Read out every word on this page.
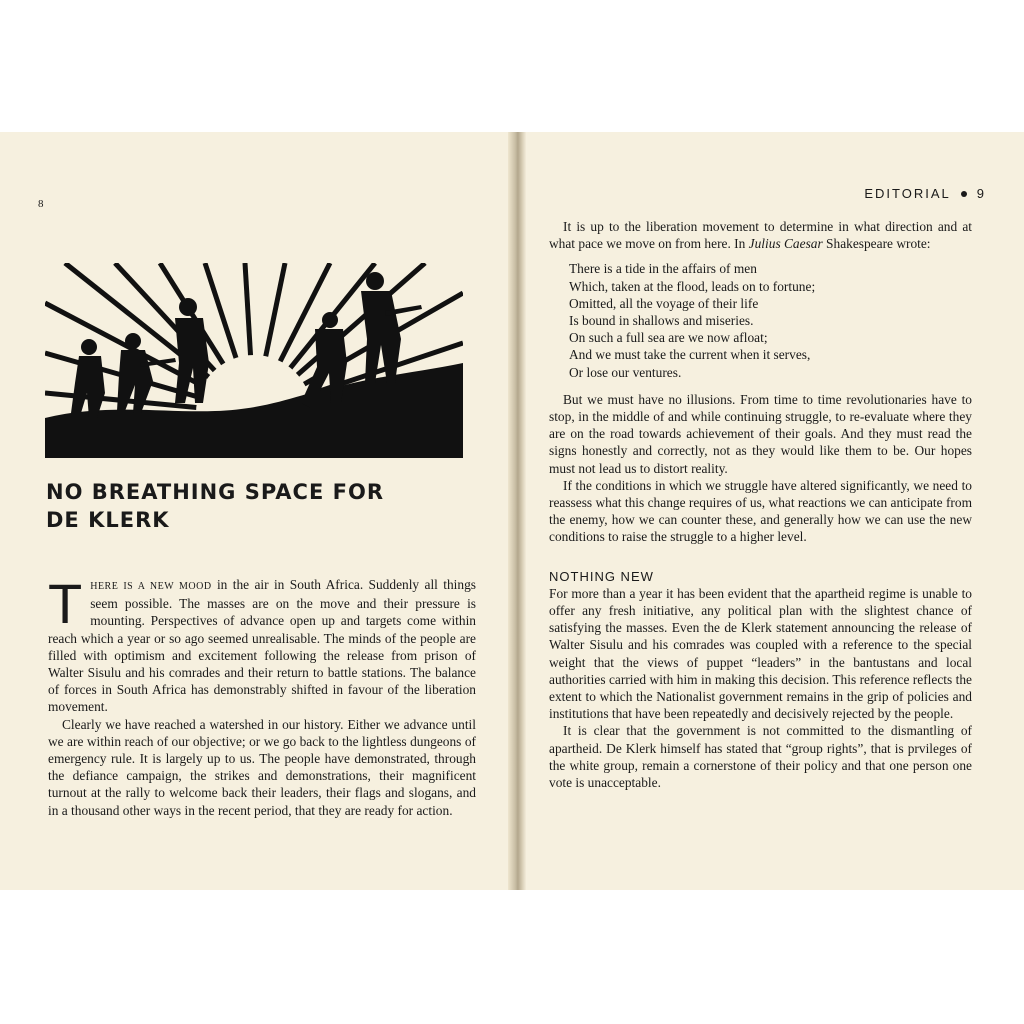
8
EDITORIAL 9
NO BREATHING SPACE FOR
DE KLERK

THERE IS A NEW MOOD in the air in South Africa. Suddenly all things seem possible. The masses are on the move and their pressure is mounting. Perspectives of advance open up and targets come within reach which a year or so ago seemed unrealisable. The minds of the people are filled with optimism and excitement following the release from prison of Walter Sisulu and his comrades and their return to battle stations. The balance of forces in South Africa has demonstrably shifted in favour of the liberation movement.

Clearly we have reached a watershed in our history. Either we advance until we are within reach of our objective; or we go back to the lightless dungeons of emergency rule. It is largely up to us. The people have demonstrated, through the defiance campaign, the strikes and demonstrations, their magnificent turnout at the rally to welcome back their leaders, their flags and slogans, and in a thousand other ways in the recent period, that they are ready for action.

It is up to the liberation movement to determine in what direction and at what pace we move on from here. In Julius Caesar Shakespeare wrote:

There is a tide in the affairs of men
Which, taken at the flood, leads on to fortune;
Omitted, all the voyage of their life
Is bound in shallows and miseries.
On such a full sea are we now afloat;
And we must take the current when it serves,
Or lose our ventures.

But we must have no illusions. From time to time revolutionaries have to stop, in the middle of and while continuing struggle, to re-evaluate where they are on the road towards achievement of their goals. And they must read the signs honestly and correctly, not as they would like them to be. Our hopes must not lead us to distort reality.

If the conditions in which we struggle have altered significantly, we need to reassess what this change requires of us, what reactions we can anticipate from the enemy, how we can counter these, and generally how we can use the new conditions to raise the struggle to a higher level.

NOTHING NEW

For more than a year it has been evident that the apartheid regime is unable to offer any fresh initiative, any political plan with the slightest chance of satisfying the masses. Even the de Klerk statement announcing the release of Walter Sisulu and his comrades was coupled with a reference to the special weight that the views of puppet “leaders” in the bantustans and local authorities carried with him in making this decision. This reference reflects the extent to which the Nationalist government remains in the grip of policies and institutions that have been repeatedly and decisively rejected by the people.

It is clear that the government is not committed to the dismantling of apartheid. De Klerk himself has stated that “group rights”, that is prvileges of the white group, remain a cornerstone of their policy and that one person one vote is unacceptable.
